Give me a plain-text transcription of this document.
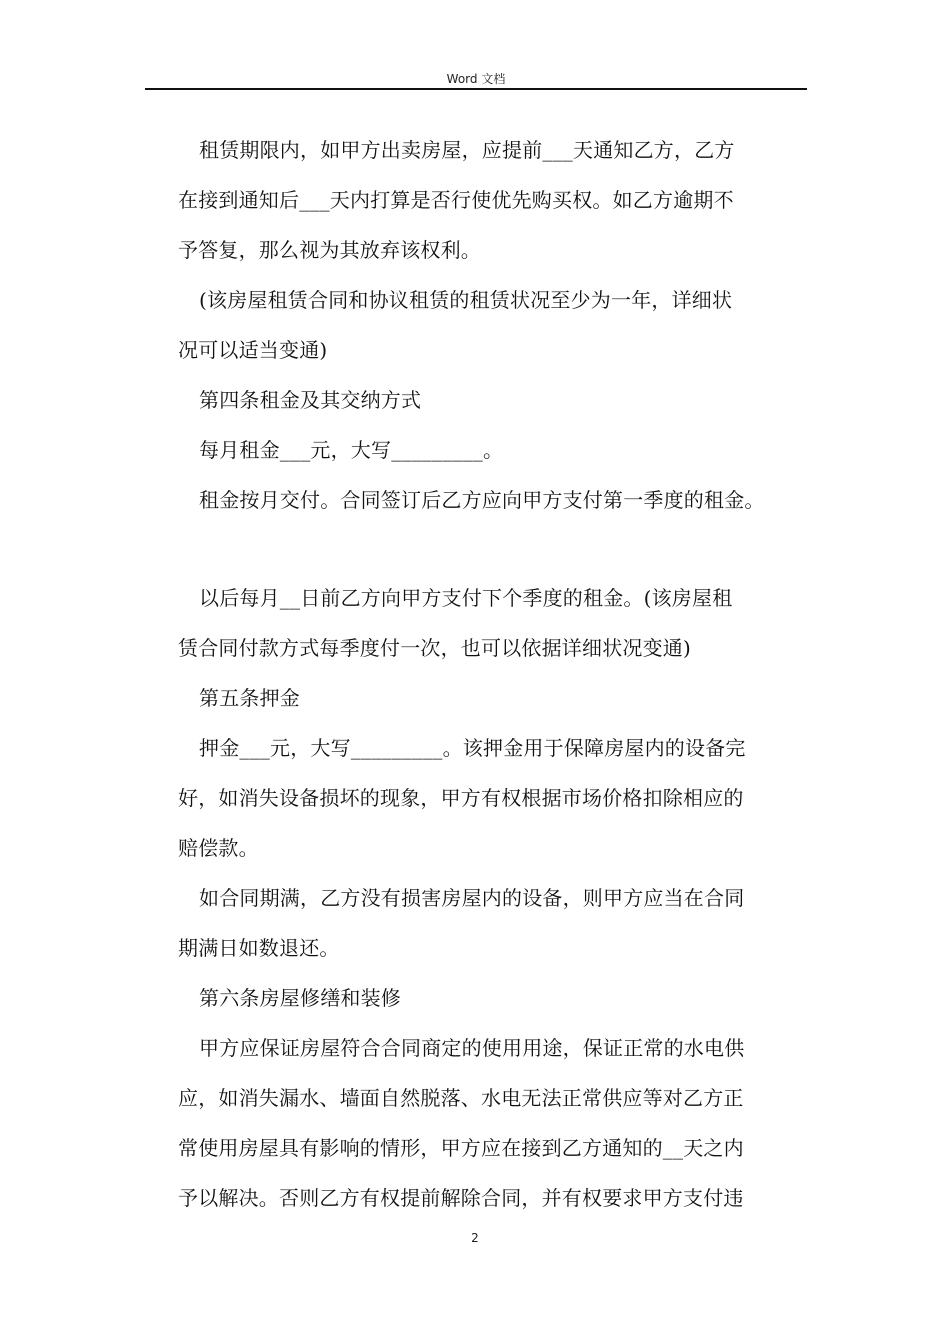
Word 文档
租赁期限内，如甲方出卖房屋，应提前___天通知乙方，乙方
在接到通知后___天内打算是否行使优先购买权。如乙方逾期不
予答复，那么视为其放弃该权利。
(该房屋租赁合同和协议租赁的租赁状况至少为一年，详细状
况可以适当变通)
第四条租金及其交纳方式
每月租金___元，大写_________。
租金按月交付。合同签订后乙方应向甲方支付第一季度的租金。
以后每月__日前乙方向甲方支付下个季度的租金。(该房屋租
赁合同付款方式每季度付一次，也可以依据详细状况变通)
第五条押金
押金___元，大写_________。该押金用于保障房屋内的设备完
好，如消失设备损坏的现象，甲方有权根据市场价格扣除相应的
赔偿款。
如合同期满，乙方没有损害房屋内的设备，则甲方应当在合同
期满日如数退还。
第六条房屋修缮和装修
甲方应保证房屋符合合同商定的使用用途，保证正常的水电供
应，如消失漏水、墙面自然脱落、水电无法正常供应等对乙方正
常使用房屋具有影响的情形，甲方应在接到乙方通知的__天之内
予以解决。否则乙方有权提前解除合同，并有权要求甲方支付违
2
